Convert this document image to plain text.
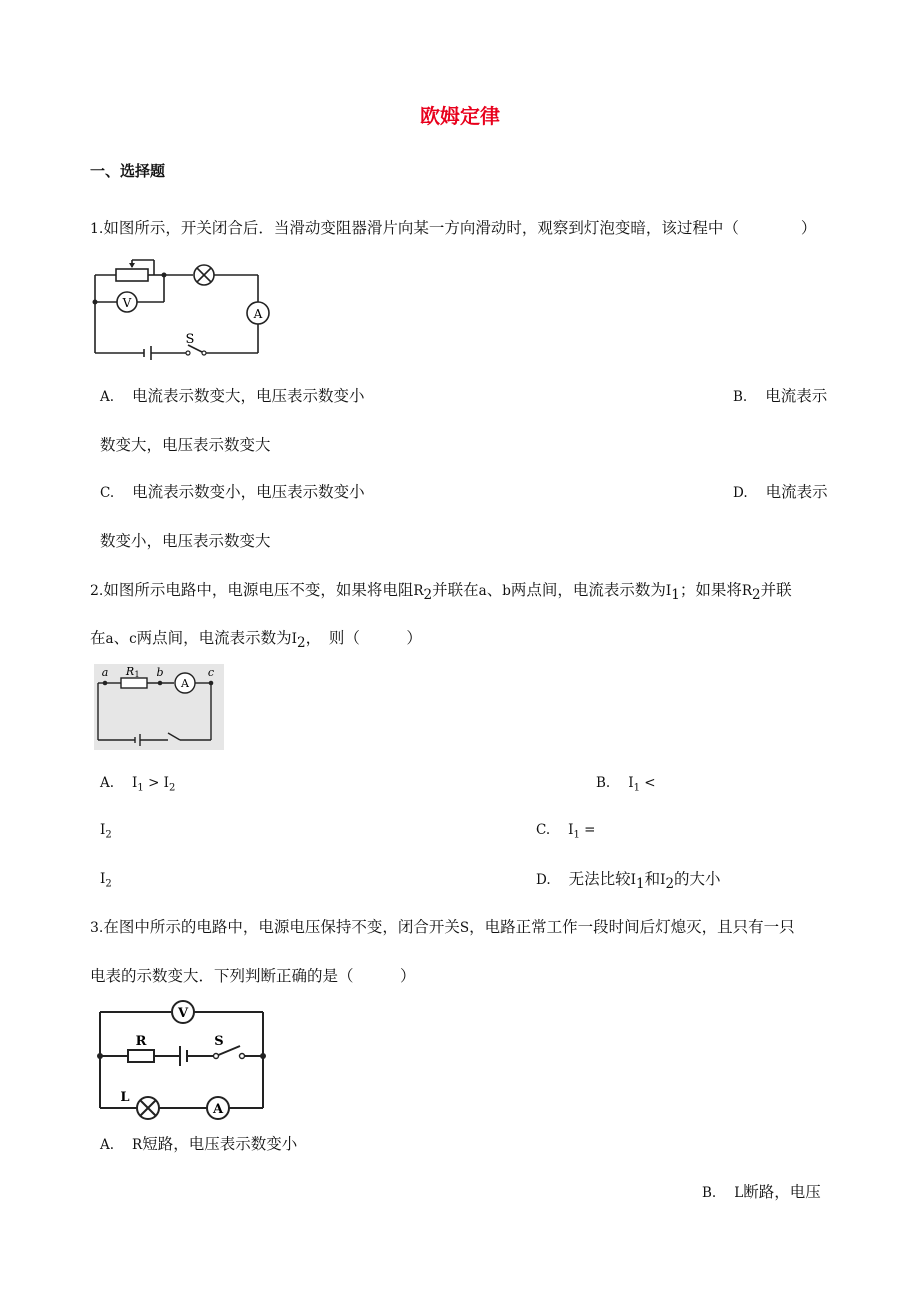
欧姆定律
一、选择题
1.如图所示，开关闭合后．当滑动变阻器滑片向某一方向滑动时，观察到灯泡变暗，该过程中（　　　　）
V
A
S
A. 电流表示数变大，电压表示数变小	B. 电流表示
数变大，电压表示数变大
C. 电流表示数变小，电压表示数变小	D. 电流表示
数变小，电压表示数变大
2.如图所示电路中，电源电压不变，如果将电阻$R_2$并联在a、b两点间，电流表示数为$I_1$；如果将$R_2$并联
在a、c两点间，电流表示数为$I_2$，　则（　　　）
a	b	c
R 1
A
A. $I_1 > I_2$	B. $I_1$ <
$I_2$	C. $I_1$ =
$I_2$	D. 无法比较$I_1$和$I_2$的大小
3.在图中所示的电路中，电源电压保持不变，闭合开关S，电路正常工作一段时间后灯熄灭，且只有一只
电表的示数变大．下列判断正确的是（　　　）
V
R	S
L
A
A. R短路，电压表示数变小
B. L断路，电压
